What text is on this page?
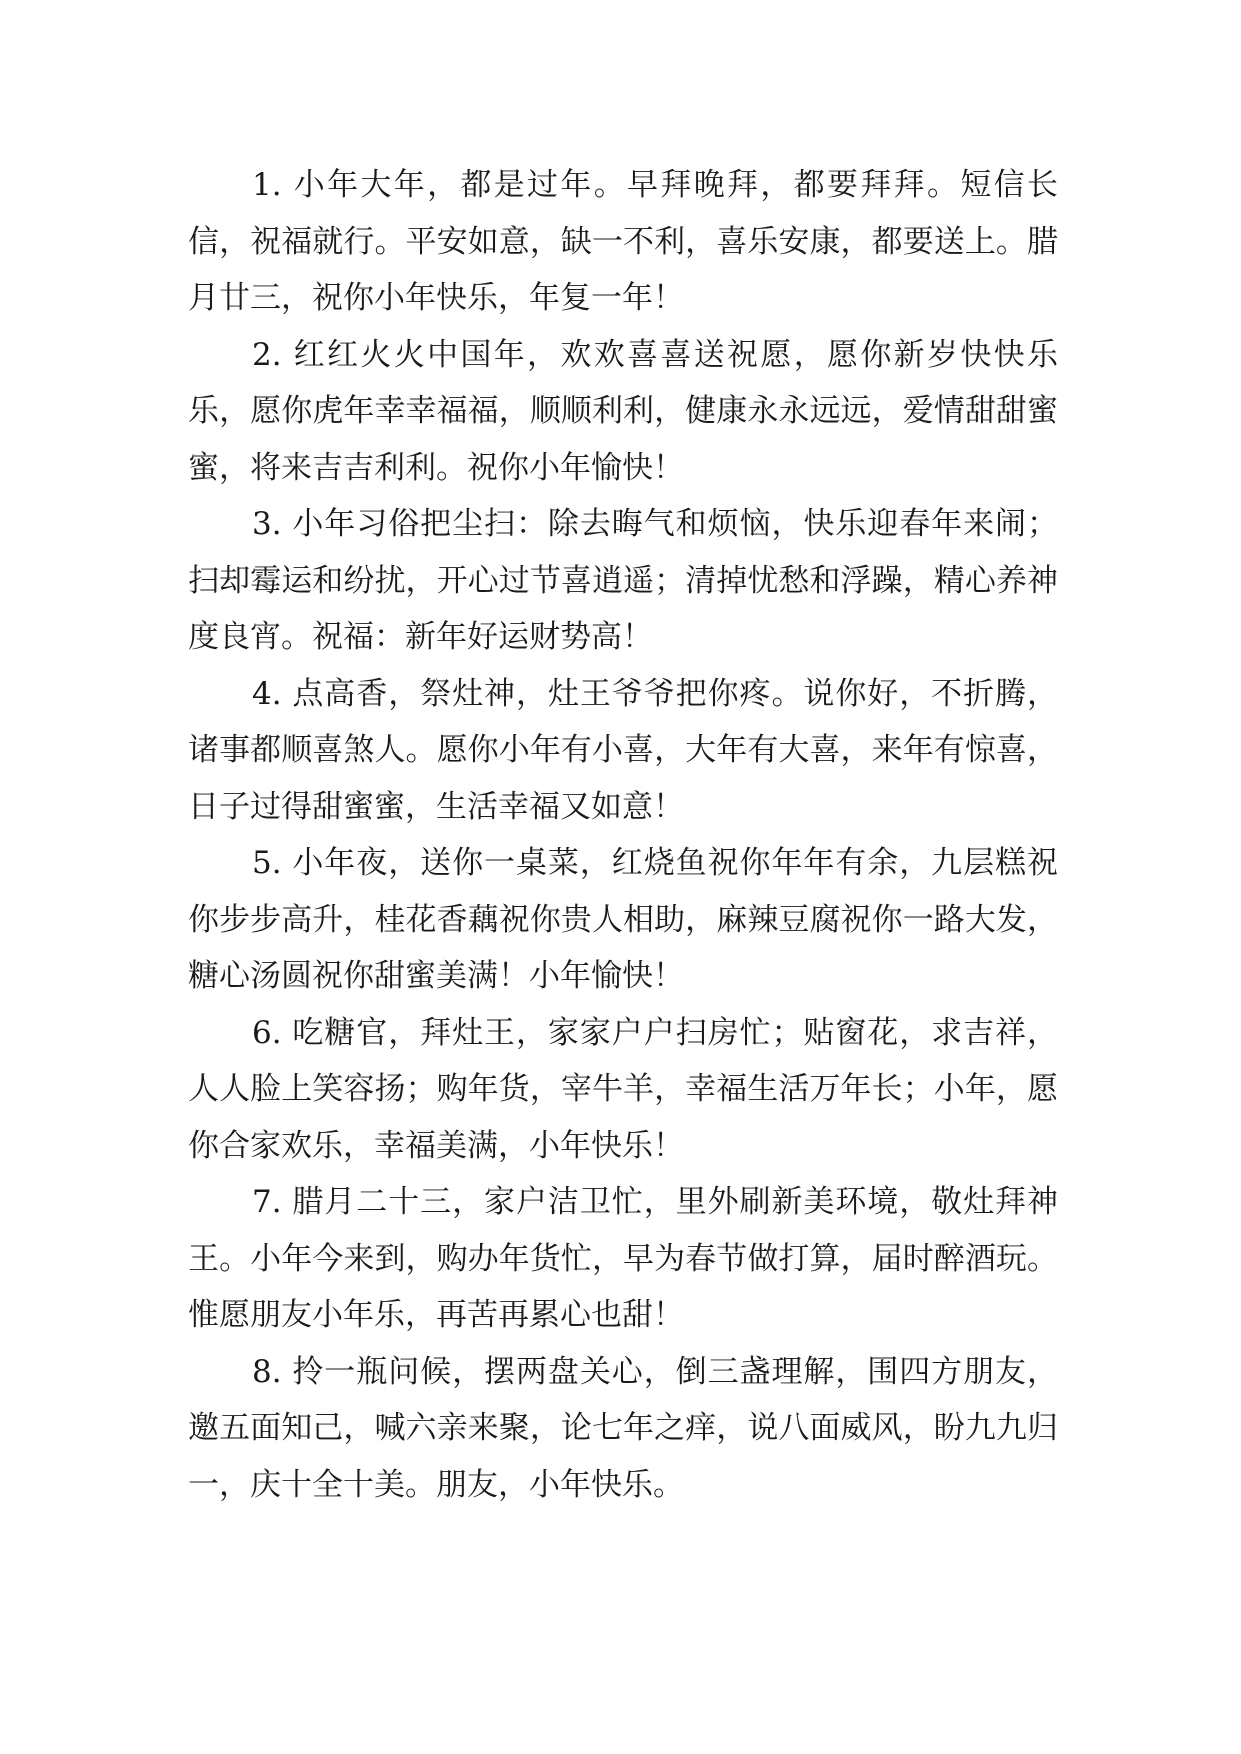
1. 小年大年，都是过年。早拜晚拜，都要拜拜。短信长信，祝福就行。平安如意，缺一不利，喜乐安康，都要送上。腊月廿三，祝你小年快乐，年复一年！

2. 红红火火中国年，欢欢喜喜送祝愿，愿你新岁快快乐乐，愿你虎年幸幸福福，顺顺利利，健康永永远远，爱情甜甜蜜蜜，将来吉吉利利。祝你小年愉快！

3. 小年习俗把尘扫：除去晦气和烦恼，快乐迎春年来闹；扫却霉运和纷扰，开心过节喜逍遥；清掉忧愁和浮躁，精心养神度良宵。祝福：新年好运财势高！

4. 点高香，祭灶神，灶王爷爷把你疼。说你好，不折腾，诸事都顺喜煞人。愿你小年有小喜，大年有大喜，来年有惊喜，日子过得甜蜜蜜，生活幸福又如意！

5. 小年夜，送你一桌菜，红烧鱼祝你年年有余，九层糕祝你步步高升，桂花香藕祝你贵人相助，麻辣豆腐祝你一路大发，糖心汤圆祝你甜蜜美满！小年愉快！

6. 吃糖官，拜灶王，家家户户扫房忙；贴窗花，求吉祥，人人脸上笑容扬；购年货，宰牛羊，幸福生活万年长；小年，愿你合家欢乐，幸福美满，小年快乐！

7. 腊月二十三，家户洁卫忙，里外刷新美环境，敬灶拜神王。小年今来到，购办年货忙，早为春节做打算，届时醉酒玩。惟愿朋友小年乐，再苦再累心也甜！

8. 拎一瓶问候，摆两盘关心，倒三盏理解，围四方朋友，邀五面知己，喊六亲来聚，论七年之痒，说八面威风，盼九九归一，庆十全十美。朋友，小年快乐。
